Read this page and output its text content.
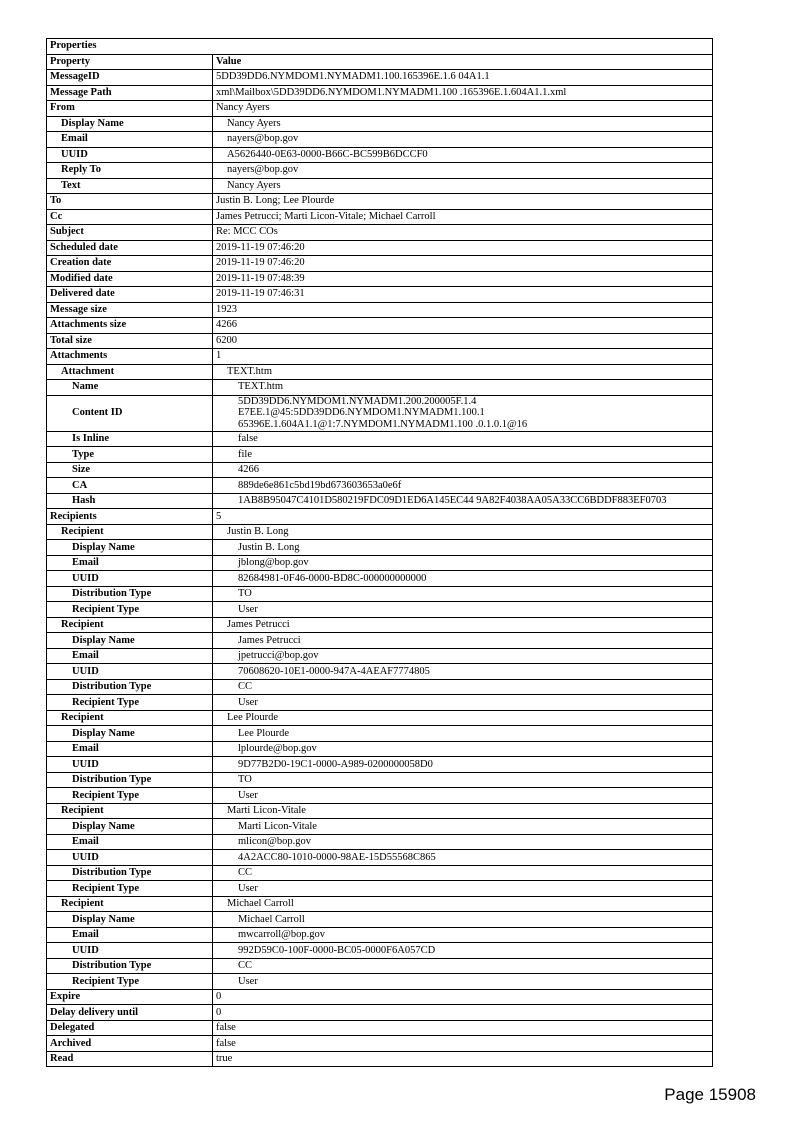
Properties	
Property	Value
MessageID	5DD39DD6.NYMDOM1.NYMADM1.100.165396E.1.6 04A1.1
Message Path	xml\Mailbox\5DD39DD6.NYMDOM1.NYMADM1.100 .165396E.1.604A1.1.xml
From	Nancy Ayers
Display Name	Nancy Ayers
Email	nayers@bop.gov
UUID	A5626440-0E63-0000-B66C-BC599B6DCCF0
Reply To	nayers@bop.gov
Text	Nancy Ayers
To	Justin B. Long; Lee Plourde
Cc	James Petrucci; Marti Licon-Vitale; Michael Carroll
Subject	Re: MCC COs
Scheduled date	2019-11-19 07:46:20
Creation date	2019-11-19 07:46:20
Modified date	2019-11-19 07:48:39
Delivered date	2019-11-19 07:46:31
Message size	1923
Attachments size	4266
Total size	6200
Attachments	1
Attachment	TEXT.htm
Name	TEXT.htm
Content ID	5DD39DD6.NYMDOM1.NYMADM1.200.200005F.1.4 E7EE.1@45:5DD39DD6.NYMDOM1.NYMADM1.100.1 65396E.1.604A1.1@1:7.NYMDOM1.NYMADM1.100 .0.1.0.1@16
Is Inline	false
Type	file
Size	4266
CA	889de6e861c5bd19bd673603653a0e6f
Hash	1AB8B95047C4101D580219FDC09D1ED6A145EC44 9A82F4038AA05A33CC6BDDF883EF0703
Recipients	5
Recipient	Justin B. Long
Display Name	Justin B. Long
Email	jblong@bop.gov
UUID	82684981-0F46-0000-BD8C-000000000000
Distribution Type	TO
Recipient Type	User
Recipient	James Petrucci
Display Name	James Petrucci
Email	jpetrucci@bop.gov
UUID	70608620-10E1-0000-947A-4AEAF7774805
Distribution Type	CC
Recipient Type	User
Recipient	Lee Plourde
Display Name	Lee Plourde
Email	lplourde@bop.gov
UUID	9D77B2D0-19C1-0000-A989-0200000058D0
Distribution Type	TO
Recipient Type	User
Recipient	Marti Licon-Vitale
Display Name	Marti Licon-Vitale
Email	mlicon@bop.gov
UUID	4A2ACC80-1010-0000-98AE-15D55568C865
Distribution Type	CC
Recipient Type	User
Recipient	Michael Carroll
Display Name	Michael Carroll
Email	mwcarroll@bop.gov
UUID	992D59C0-100F-0000-BC05-0000F6A057CD
Distribution Type	CC
Recipient Type	User
Expire	0
Delay delivery until	0
Delegated	false
Archived	false
Read	true
Page 15908
